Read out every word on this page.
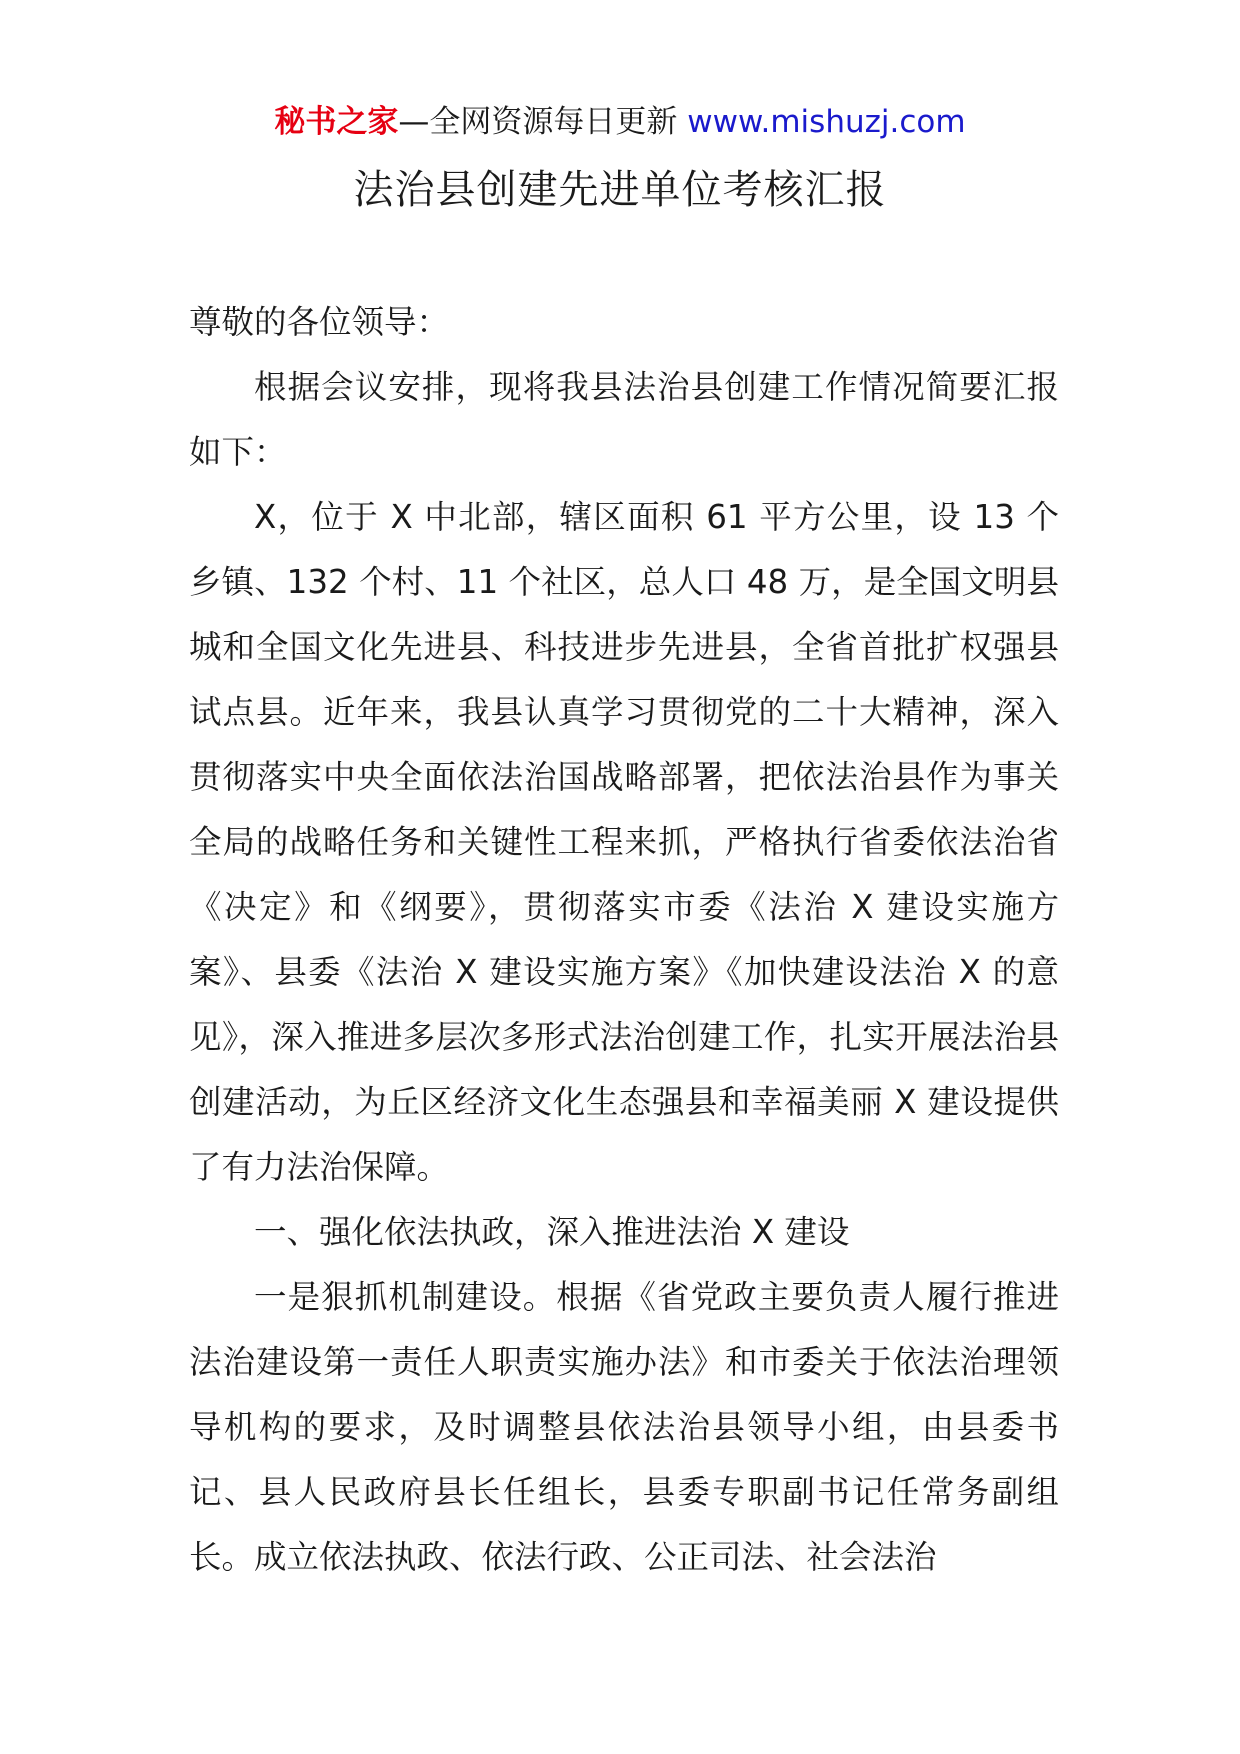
秘书之家—全网资源每日更新 www.mishuzj.com
法治县创建先进单位考核汇报

尊敬的各位领导：

根据会议安排，现将我县法治县创建工作情况简要汇报如下：

X，位于 X 中北部，辖区面积 61 平方公里，设 13 个乡镇、132 个村、11 个社区，总人口 48 万，是全国文明县城和全国文化先进县、科技进步先进县，全省首批扩权强县试点县。近年来，我县认真学习贯彻党的二十大精神，深入贯彻落实中央全面依法治国战略部署，把依法治县作为事关全局的战略任务和关键性工程来抓，严格执行省委依法治省《决定》和《纲要》，贯彻落实市委《法治 X 建设实施方案》、县委《法治 X 建设实施方案》《加快建设法治 X 的意见》，深入推进多层次多形式法治创建工作，扎实开展法治县创建活动，为丘区经济文化生态强县和幸福美丽 X 建设提供了有力法治保障。

一、强化依法执政，深入推进法治 X 建设

一是狠抓机制建设。根据《省党政主要负责人履行推进法治建设第一责任人职责实施办法》和市委关于依法治理领导机构的要求，及时调整县依法治县领导小组，由县委书记、县人民政府县长任组长，县委专职副书记任常务副组长。成立依法执政、依法行政、公正司法、社会法治
